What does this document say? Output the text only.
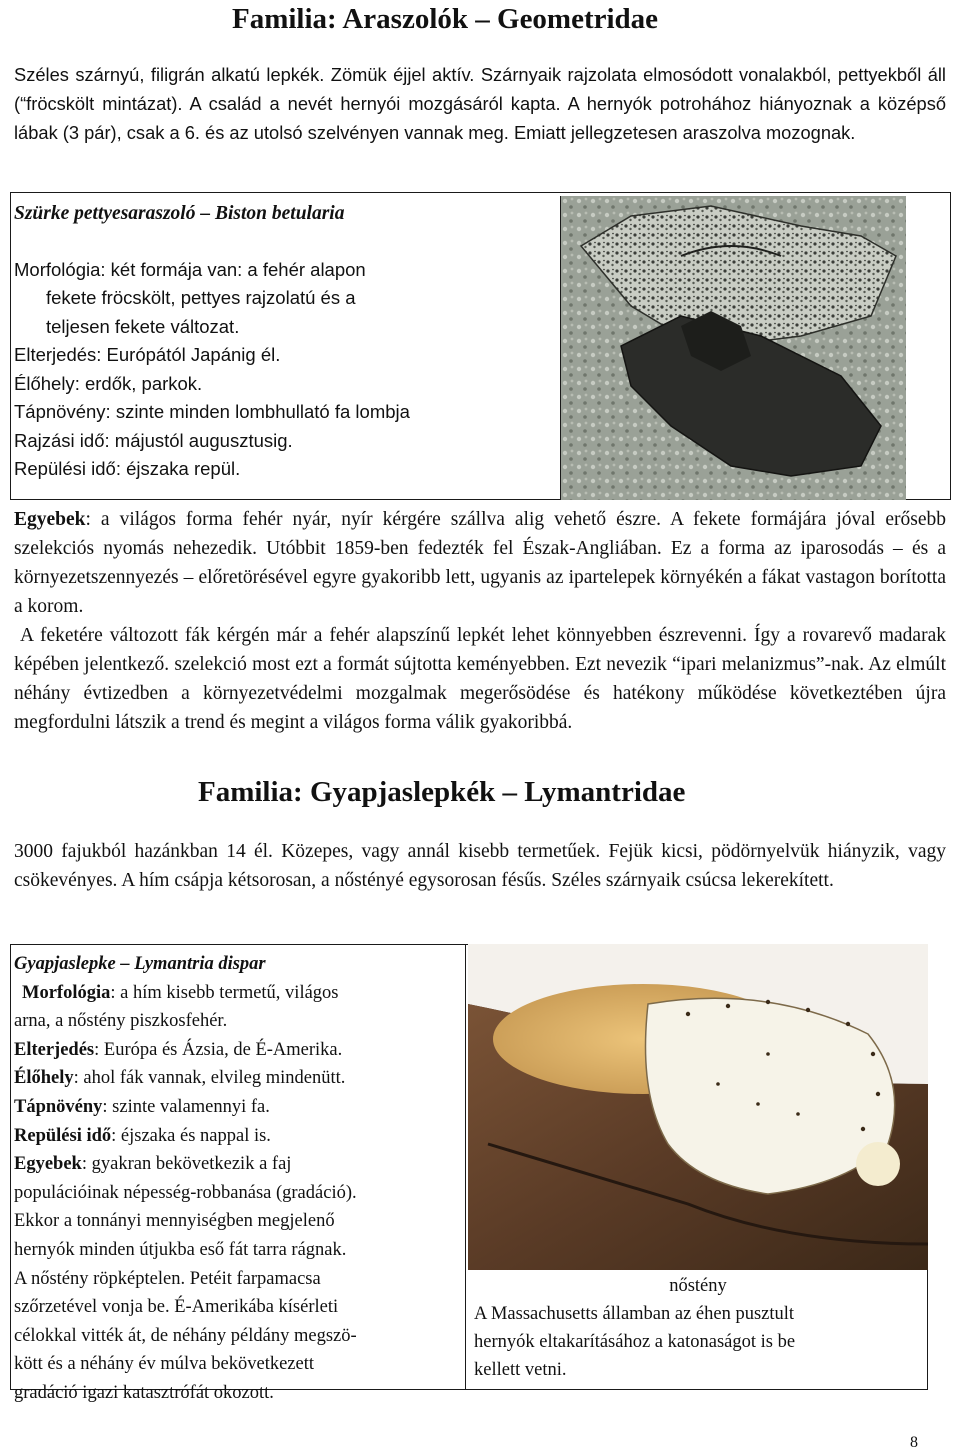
Familia: Araszolók – Geometridae

Széles szárnyú, filigrán alkatú lepkék. Zömük éjjel aktív. Szárnyaik rajzolata elmosódott vonalakból, pettyekből áll (“fröcskölt mintázat). A család a nevét hernyói mozgásáról kapta. A hernyók potrohához hiányoznak a középső lábak (3 pár), csak a 6. és az utolsó szelvényen vannak meg. Emiatt jellegzetesen araszolva mozognak.

Szürke pettyesaraszoló – Biston betularia
Morfológia: két formája van: a fehér alapon
fekete fröcskölt, pettyes rajzolatú és a
teljesen fekete változat.
Elterjedés: Európától Japánig él.
Élőhely: erdők, parkok.
Tápnövény: szinte minden lombhullató fa lombja
Rajzási idő: májustól augusztusig.
Repülési idő: éjszaka repül.

Egyebek: a világos forma fehér nyár, nyír kérgére szállva alig vehető észre. A fekete formájára jóval erősebb szelekciós nyomás nehezedik. Utóbbit 1859-ben fedezték fel Észak-Angliában. Ez a forma az iparosodás – és a környezetszennyezés – előretörésével egyre gyakoribb lett, ugyanis az ipartelepek környékén a fákat vastagon borította a korom.

A feketére változott fák kérgén már a fehér alapszínű lepkét lehet könnyebben észrevenni. Így a rovarevő madarak képében jelentkező. szelekció most ezt a formát sújtotta keményebben. Ezt nevezik “ipari melanizmus”-nak. Az elmúlt néhány évtizedben a környezetvédelmi mozgalmak megerősödése és hatékony működése következtében újra megfordulni látszik a trend és megint a világos forma válik gyakoribbá.

Familia: Gyapjaslepkék – Lymantridae

3000 fajukból hazánkban 14 él. Közepes, vagy annál kisebb termetűek. Fejük kicsi, pödörnyelvük hiányzik, vagy csökevényes. A hím csápja kétsorosan, a nőstényé egysorosan fésűs. Széles szárnyaik csúcsa lekerekített.

Gyapjaslepke – Lymantria dispar
Morfológia: a hím kisebb termetű, világos
arna, a nőstény piszkosfehér.
Elterjedés: Európa és Ázsia, de É-Amerika.
Élőhely: ahol fák vannak, elvileg mindenütt.
Tápnövény: szinte valamennyi fa.
Repülési idő: éjszaka és nappal is.
Egyebek: gyakran bekövetkezik a faj
populációinak népesség-robbanása (gradáció).
Ekkor a tonnányi mennyiségben megjelenő
hernyók minden útjukba eső fát tarra rágnak.
A nőstény röpképtelen. Petéit farpamacsa
szőrzetével vonja be. É-Amerikába kísérleti
célokkal vitték át, de néhány példány megszö-
kött és a néhány év múlva bekövetkezett
gradáció igazi katasztrófát okozott.
nőstény
A Massachusetts államban az éhen pusztult
hernyók eltakarításához a katonaságot is be
kellett vetni.
8
